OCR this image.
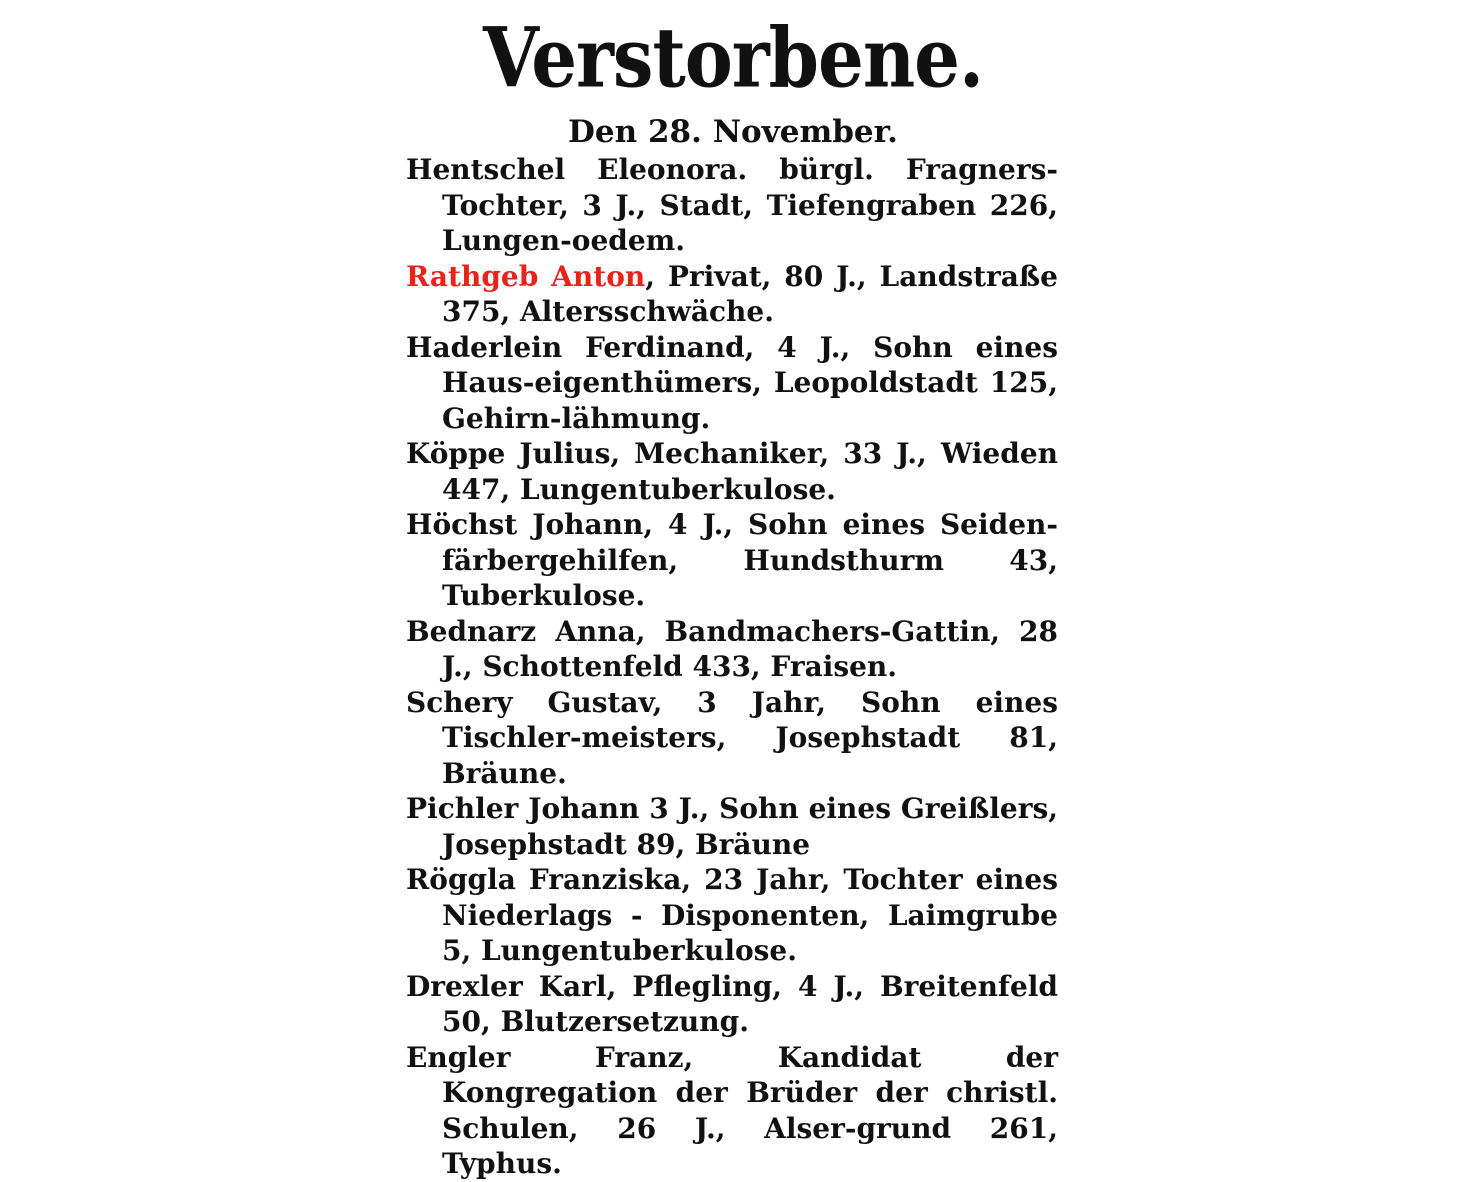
Verstorbene.
Den 28. November.
Hentschel Eleonora. bürgl. Fragners-Tochter, 3 J., Stadt, Tiefengraben 226, Lungen-oedem.
Rathgeb Anton, Privat, 80 J., Landstraße 375, Altersschwäche.
Haderlein Ferdinand, 4 J., Sohn eines Haus-eigenthümers, Leopoldstadt 125, Gehirn-lähmung.
Köppe Julius, Mechaniker, 33 J., Wieden 447, Lungentuberkulose.
Höchst Johann, 4 J., Sohn eines Seiden-färbergehilfen, Hundsthurm 43, Tuberkulose.
Bednarz Anna, Bandmachers-Gattin, 28 J., Schottenfeld 433, Fraisen.
Schery Gustav, 3 Jahr, Sohn eines Tischler-meisters, Josephstadt 81, Bräune.
Pichler Johann 3 J., Sohn eines Greißlers, Josephstadt 89, Bräune
Röggla Franziska, 23 Jahr, Tochter eines Niederlags - Disponenten, Laimgrube 5, Lungentuberkulose.
Drexler Karl, Pflegling, 4 J., Breitenfeld 50, Blutzersetzung.
Engler Franz, Kandidat der Kongregation der Brüder der christl. Schulen, 26 J., Alser-grund 261, Typhus.
